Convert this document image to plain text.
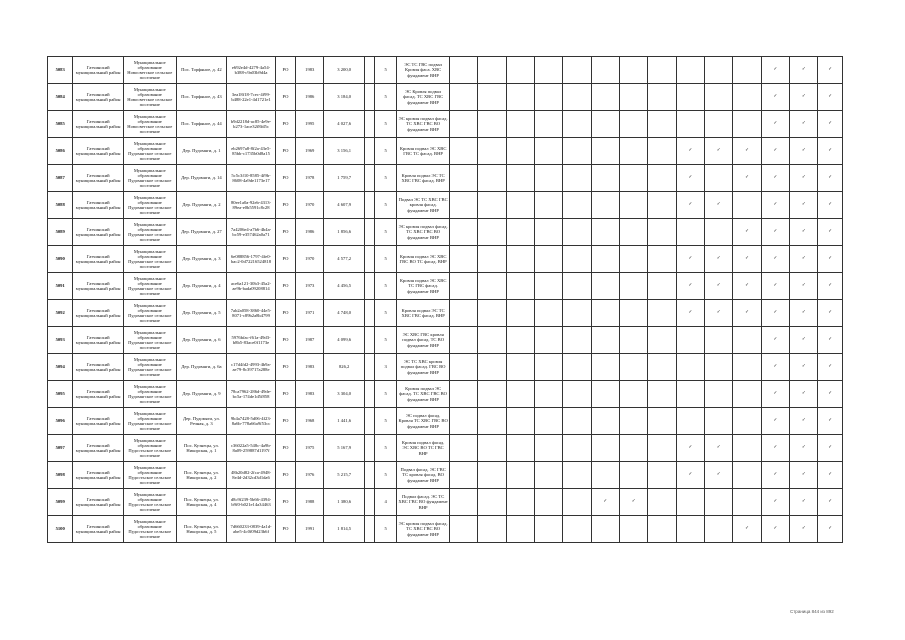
5083	Гатчинский муниципальный район	Муниципальное образование Новосветское сельское поселение	Пос. Торфяное, д. 42	e692e4d-4279-4a54-b388-c9a03b9d4a	РО	1983	3 200,0		5	ЭС ТС ГВС подвал Кровля фаса. ХВС фундамент ВНР												✓	✓	✓
5084	Гатчинский муниципальный район	Муниципальное образование Новосветское сельское поселение	Пос. Торфяное, д. 43	3ea18f18-7cec-4f99-b488-22e1-4d1721e1	РО	1986	3 184,0		5	ЭС Кровля подвал фасад. ТС ХВС ГВС фундамент ВНР												✓	✓	✓
5085	Гатчинский муниципальный район	Муниципальное образование Новосветское сельское поселение	Пос. Торфяное, д. 44	b9d2218d-ac85-4e9e-b273-1ace32f8fd5c	РО	1995	4 027,6		5	ЭС кровля подвал фасад. ТС ХВС ГВС ВО фундамент ВНР												✓	✓	✓
5086	Гатчинский муниципальный район	Муниципальное образование Пудомягское сельское поселение	Дер. Пудомяги, д. 1	eb2697a8-8f2a-43e5-85bb-c1735b0d8a15	РО	1969	3 156,1		5	Кровля подвал ЭС ХВС ГВС ТС фасад. ВНР									✓	✓	✓	✓	✓	✓
5087	Гатчинский муниципальный район	Муниципальное образование Пудомягское сельское поселение	Дер. Пудомяги, д. 14	5c5c3f10-8585-4f9b-8608-4a9de1173e17	РО	1978	1 759,7		5	Кровля подвал ЭС ТС ХВС ГВС фасад. ВНР									✓		✓	✓	✓	✓
5088	Гатчинский муниципальный район	Муниципальное образование Пудомягское сельское поселение	Дер. Пудомяги, д. 2	80ee1a0a-92eb-4313-89ea-e0b5591c8c28	РО	1970	4 607,9		5	Подвал ЭС ТС ХВС ГВС кровля фасад. фундамент ВНР									✓	✓		✓	✓	✓
5089	Гатчинский муниципальный район	Муниципальное образование Пудомягское сельское поселение	Дер. Пудомяги, д. 27	7a4206e4-a7b6-4b4a-bc59-e357462a0a71	РО	1986	1 856,6		5	ЭС кровля подвал фасад. ТС ХВС ГВС ВО фундамент ВНР											✓	✓	✓	✓
5090	Гатчинский муниципальный район	Муниципальное образование Пудомягское сельское поселение	Дер. Пудомяги, д. 3	6e088856-1797-4fe0-bac2-0d72216524818	РО	1970	4 577,2		5	Кровля подвал ЭС ХВС ГВС ВО ТС фасад. ВНР									✓	✓	✓	✓	✓	✓
5091	Гатчинский муниципальный район	Муниципальное образование Пудомягское сельское поселение	Дер. Пудомяги, д. 4	ace6a121-30b3-45a2-ae9b-bada09208814	РО	1973	4 456,5		5	Кровля подвал ЭС ХВС ТС ГВС фасад. фундамент ВНР									✓	✓	✓	✓	✓	✓
5092	Гатчинский муниципальный район	Муниципальное образование Пудомягское сельское поселение	Дер. Пудомяги, д. 5	7ab2a058-3860-44e5-8071-c89b2a8b4799	РО	1971	4 748,0		5	Кровля подвал ЭС ТС ХВС ГВС фасад. ВНР									✓	✓	✓	✓	✓	✓
5093	Гатчинский муниципальный район	Муниципальное образование Пудомягское сельское поселение	Дер. Пудомяги, д. 6	5976bfac-f61a-49d3-b8b5-83ace0f1173e	РО	1987	4 099,6		5	ЭС ХВС ГВС кровля подвал фасад. ТС ВО фундамент ВНР												✓	✓	✓
5094	Гатчинский муниципальный район	Муниципальное образование Пудомягское сельское поселение	Дер. Пудомяги, д. 6а	c17d4fd2-4993-4b9a-ae79-8c39717a288e	РО	1983	826,2		3	ЭС ТС ХВС кровля подвал фасад. ГВС ВО фундамент ВНР												✓	✓	✓
5095	Гатчинский муниципальный район	Муниципальное образование Пудомягское сельское поселение	Дер. Пудомяги, д. 9	78ca7962-286d-49de-bc5a-174de1d5f858	РО	1983	3 304,0		5	Кровля подвал ЭС фасад. ТС ХВС ГВС ВО фундамент ВНР												✓	✓	✓
5096	Гатчинский муниципальный район	Муниципальное образование Пудомягское сельское поселение	Дер. Пудомяги, ул. Речная, д. 3	9b4a7428-5d06-4f23-8a6b-778a66a9f53cc	РО	1968	1 441,6		5	ЭС подвал фасад. Кровля ТС ХВС ГВС ВО фундамент ВНР												✓	✓	✓
5097	Гатчинский муниципальный район	Муниципальное образование Пудостьское сельское поселение	Пос. Кузнецы, ул. Никорская, д. 1	c36022a5-548c-4a9b-8a09-259887d1197f	РО	1975	5 167,9		5	Кровля подвал фасад. ЭС ХВС ВО ТС ГВС ВНР									✓	✓		✓	✓	✓
5098	Гатчинский муниципальный район	Муниципальное образование Пудостьское сельское поселение	Пос. Кузнецы, ул. Никорская, д. 2	48b20d82-2fca-4948-8e4d-2d32cd3d1da6	РО	1976	5 215,7		5	Подвал фасад. ЭС ГВС ТС кровля фасад. ВО фундамент ВНР									✓	✓		✓	✓	✓
5099	Гатчинский муниципальный район	Муниципальное образование Пудостьское сельское поселение	Пос. Кузнецы, ул. Никорская, д. 4	d8c9f239-5b66-4394-b9f0-b021e14a34463	РО	1988	1 380,6		4	Подвал фасад. ЭС ТС ХВС ГВС ВО фундамент ВНР						✓	✓					✓	✓	✓
5100	Гатчинский муниципальный район	Муниципальное образование Пудостьское сельское поселение	Пос. Кузнецы, ул. Никорская, д. 5	7d660233-0839-4a1d-abe5-4c0f09d23b6f	РО	1991	1 814,5		5	ЭС кровля подвал фасад. ТС ХВС ГВС ВО фундамент ВНР											✓	✓	✓	✓
Страница 844 из 892
